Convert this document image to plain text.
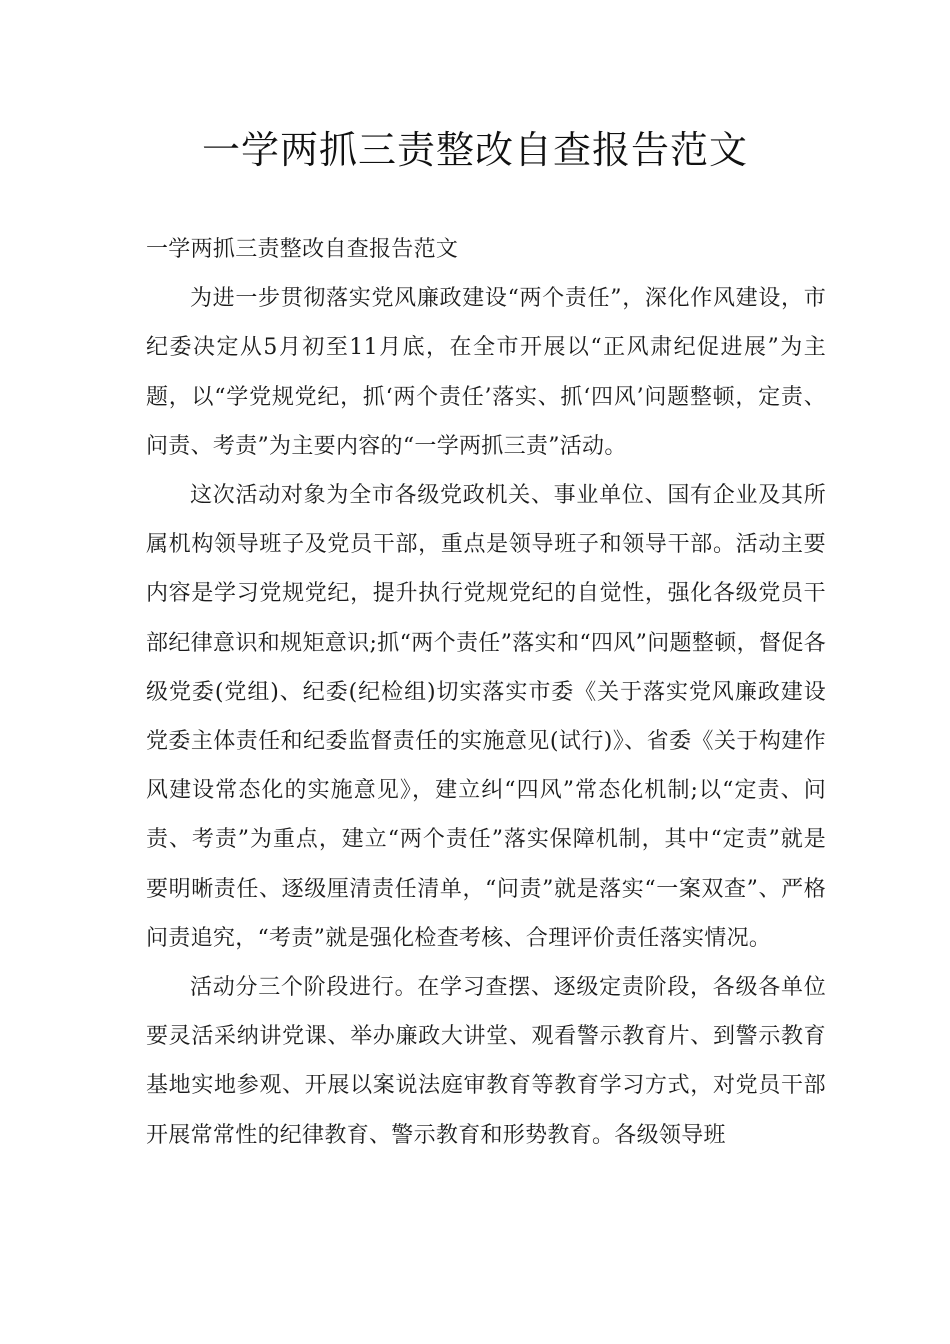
一学两抓三责整改自查报告范文

一学两抓三责整改自查报告范文

为进一步贯彻落实党风廉政建设“两个责任”，深化作风建设，市纪委决定从5月初至11月底，在全市开展以“正风肃纪促进展”为主题，以“学党规党纪，抓‘两个责任’落实、抓‘四风’问题整顿，定责、问责、考责”为主要内容的“一学两抓三责”活动。

这次活动对象为全市各级党政机关、事业单位、国有企业及其所属机构领导班子及党员干部，重点是领导班子和领导干部。活动主要内容是学习党规党纪，提升执行党规党纪的自觉性，强化各级党员干部纪律意识和规矩意识;抓“两个责任”落实和“四风”问题整顿，督促各级党委(党组)、纪委(纪检组)切实落实市委《关于落实党风廉政建设党委主体责任和纪委监督责任的实施意见(试行)》、省委《关于构建作风建设常态化的实施意见》，建立纠“四风”常态化机制;以“定责、问责、考责”为重点，建立“两个责任”落实保障机制，其中“定责”就是要明晰责任、逐级厘清责任清单，“问责”就是落实“一案双查”、严格问责追究，“考责”就是强化检查考核、合理评价责任落实情况。

活动分三个阶段进行。在学习查摆、逐级定责阶段，各级各单位要灵活采纳讲党课、举办廉政大讲堂、观看警示教育片、到警示教育基地实地参观、开展以案说法庭审教育等教育学习方式，对党员干部开展常常性的纪律教育、警示教育和形势教育。各级领导班
